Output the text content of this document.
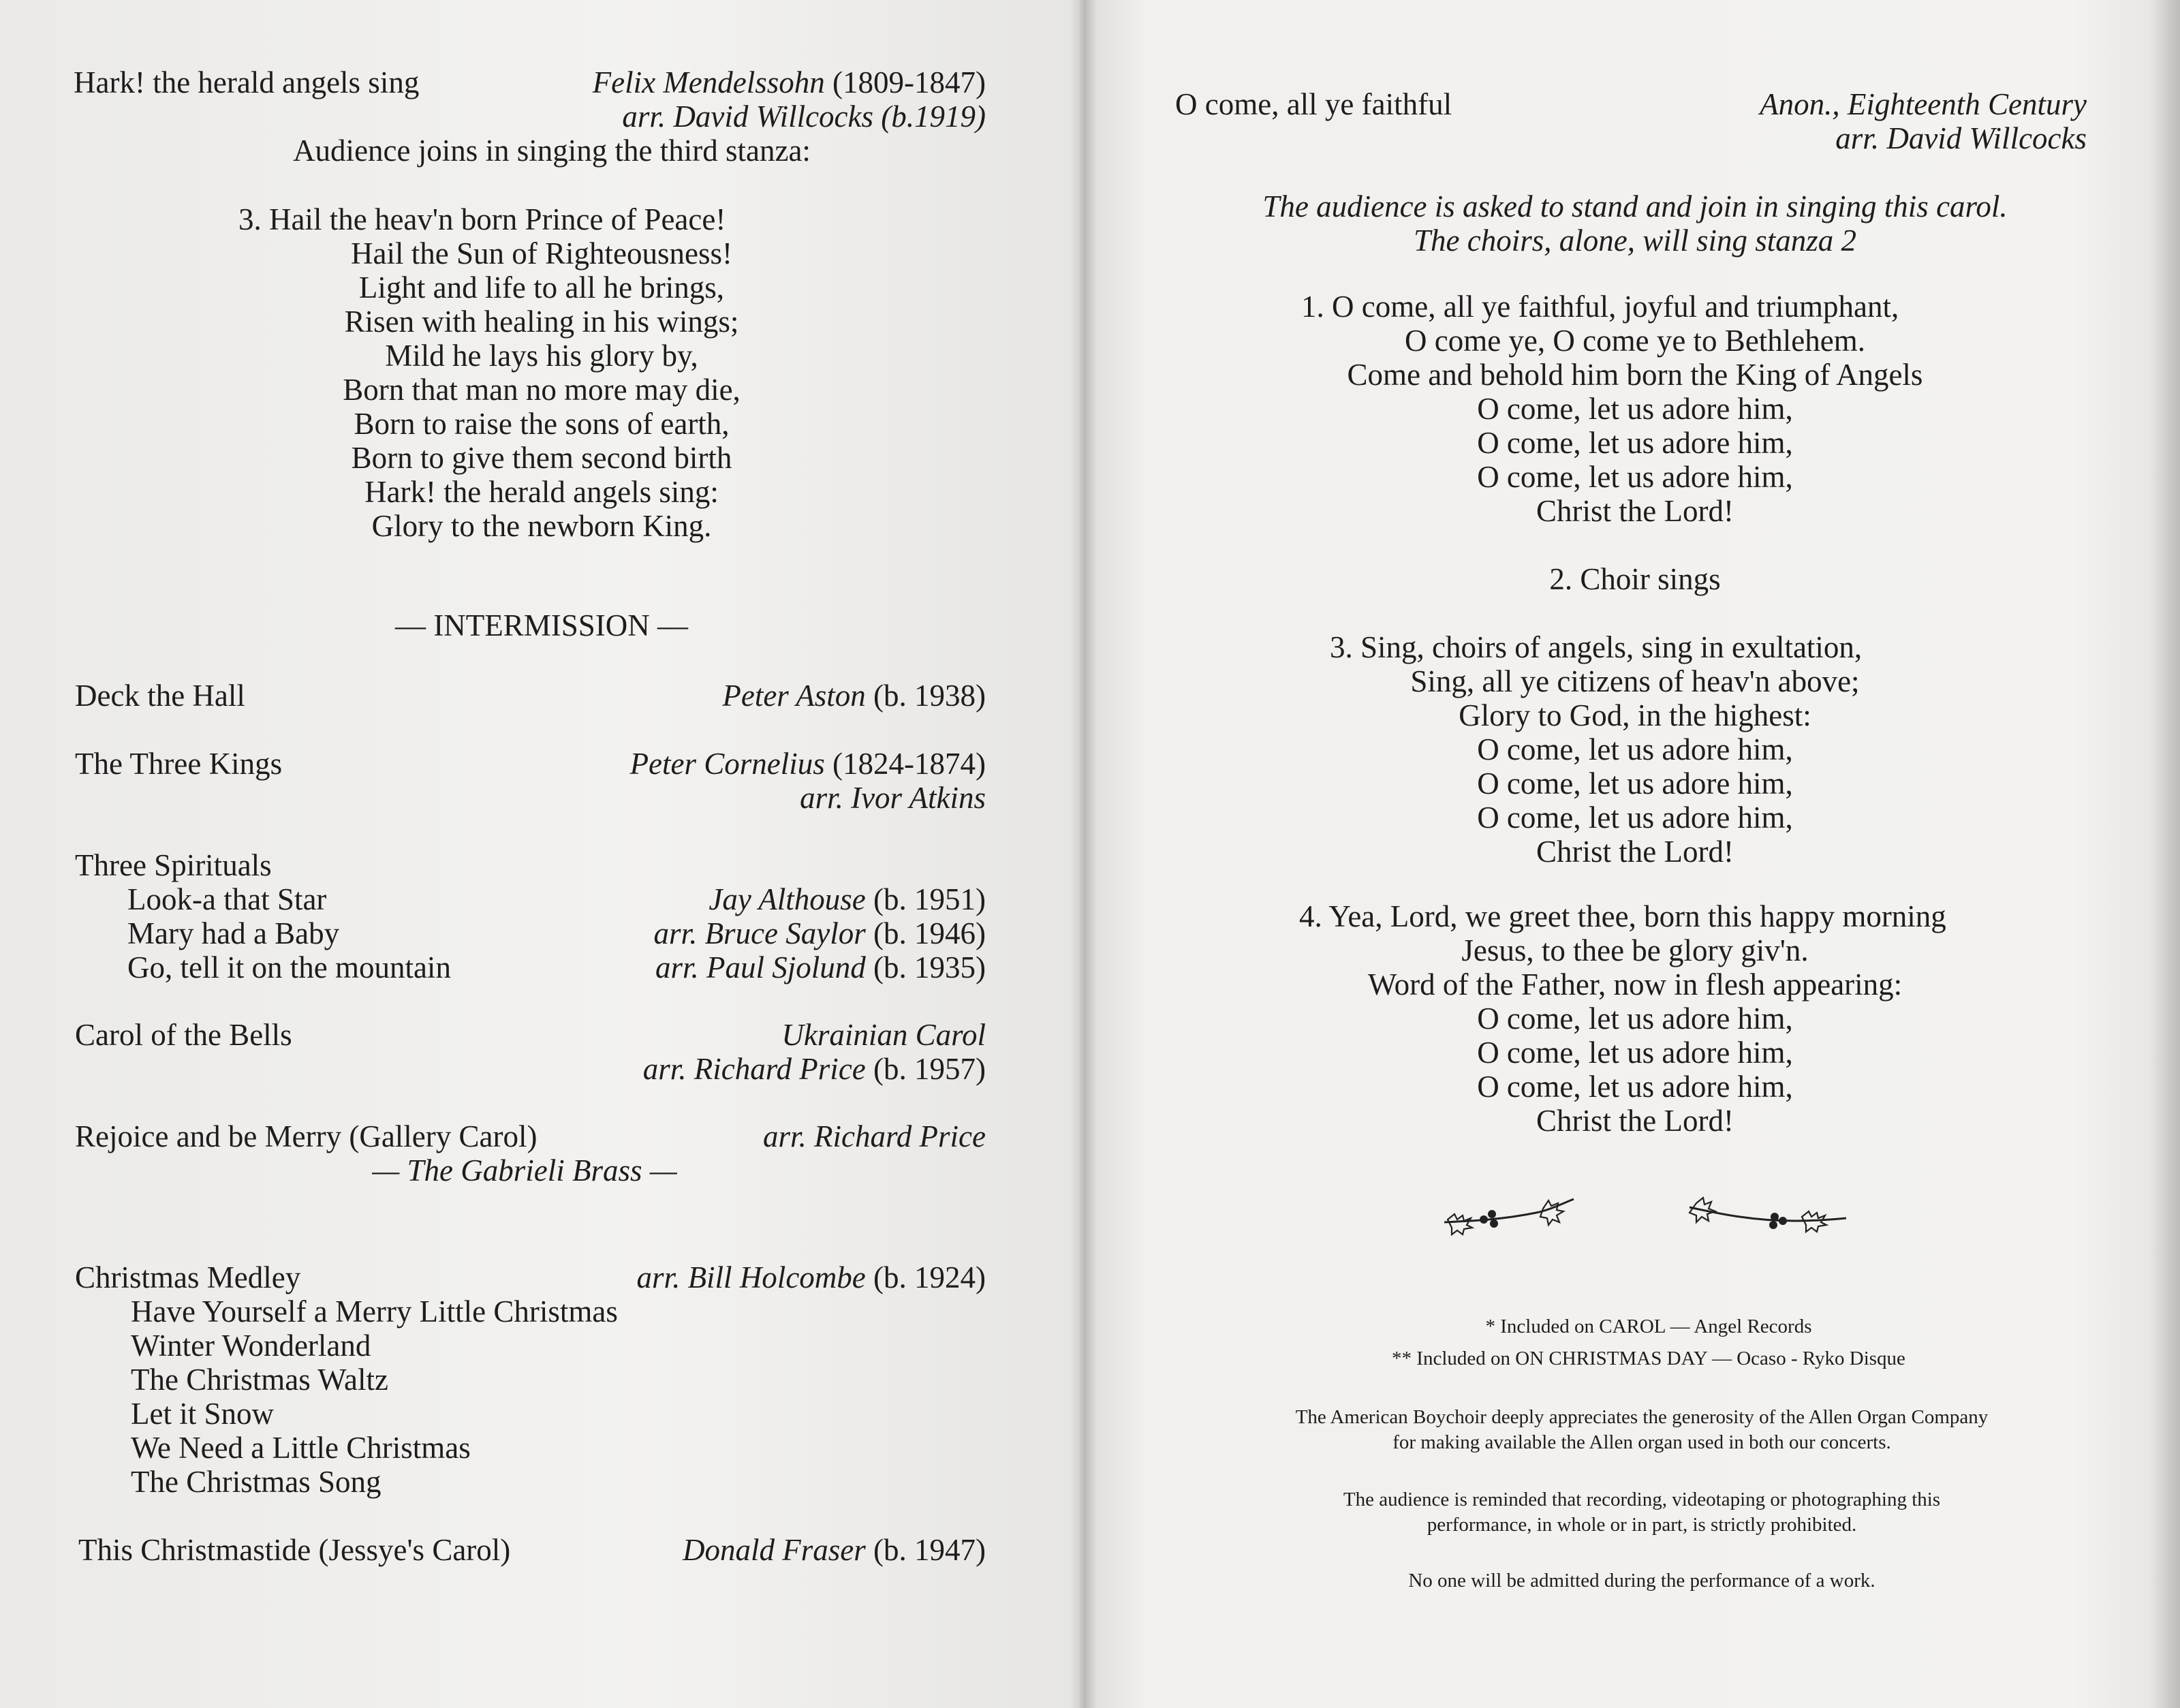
Hark! the herald angels sing	Felix Mendelssohn (1809-1847)
arr. David Willcocks (b.1919)
Audience joins in singing the third stanza:
3. Hail the heav'n born Prince of Peace!
Hail the Sun of Righteousness!
Light and life to all he brings,
Risen with healing in his wings;
Mild he lays his glory by,
Born that man no more may die,
Born to raise the sons of earth,
Born to give them second birth
Hark! the herald angels sing:
Glory to the newborn King.
— INTERMISSION —
Deck the Hall	Peter Aston (b. 1938)
The Three Kings	Peter Cornelius (1824-1874)
arr. Ivor Atkins
Three Spirituals
Look-a that Star	Jay Althouse (b. 1951)
Mary had a Baby	arr. Bruce Saylor (b. 1946)
Go, tell it on the mountain	arr. Paul Sjolund (b. 1935)
Carol of the Bells	Ukrainian Carol
arr. Richard Price (b. 1957)
Rejoice and be Merry (Gallery Carol)	arr. Richard Price
— The Gabrieli Brass —
Christmas Medley	arr. Bill Holcombe (b. 1924)
Have Yourself a Merry Little Christmas
Winter Wonderland
The Christmas Waltz
Let it Snow
We Need a Little Christmas
The Christmas Song
This Christmastide (Jessye's Carol)	Donald Fraser (b. 1947)
O come, all ye faithful	Anon., Eighteenth Century
arr. David Willcocks
The audience is asked to stand and join in singing this carol.
The choirs, alone, will sing stanza 2
1. O come, all ye faithful, joyful and triumphant,
O come ye, O come ye to Bethlehem.
Come and behold him born the King of Angels
O come, let us adore him,
O come, let us adore him,
O come, let us adore him,
Christ the Lord!
2. Choir sings
3. Sing, choirs of angels, sing in exultation,
Sing, all ye citizens of heav'n above;
Glory to God, in the highest:
O come, let us adore him,
O come, let us adore him,
O come, let us adore him,
Christ the Lord!
4. Yea, Lord, we greet thee, born this happy morning
Jesus, to thee be glory giv'n.
Word of the Father, now in flesh appearing:
O come, let us adore him,
O come, let us adore him,
O come, let us adore him,
Christ the Lord!
* Included on CAROL — Angel Records
** Included on ON CHRISTMAS DAY — Ocaso - Ryko Disque
The American Boychoir deeply appreciates the generosity of the Allen Organ Company
for making available the Allen organ used in both our concerts.
The audience is reminded that recording, videotaping or photographing this
performance, in whole or in part, is strictly prohibited.
No one will be admitted during the performance of a work.
